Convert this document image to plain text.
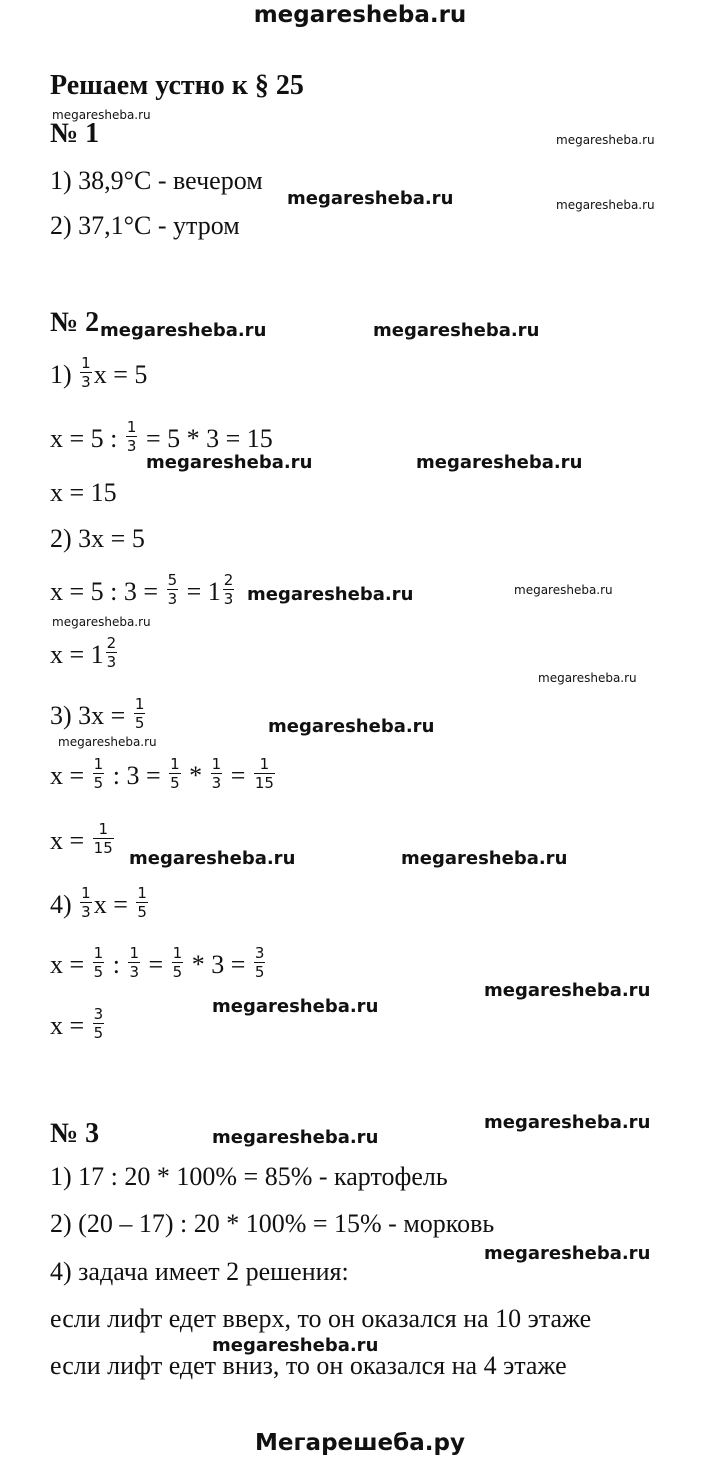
megaresheba.ru
Решаем устно к § 25
megaresheba.ru
megaresheba.ru
megaresheba.ru	megaresheba.ru
megaresheba.ru	megaresheba.ru
megaresheba.ru	megaresheba.ru
megaresheba.ru	megaresheba.ru
megaresheba.ru
megaresheba.ru
megaresheba.ru
megaresheba.ru
megaresheba.ru	megaresheba.ru
megaresheba.ru
megaresheba.ru
megaresheba.ru
megaresheba.ru
megaresheba.ru
megaresheba.ru
№ 1
1) 38,9°С - вечером
2) 37,1°С - утром
№ 2
$1) \frac{1}{3}$ x = 5
x = 5 : $\frac{1}{3} = 5 * 3 = 15$
x = 15
2) 3x = 5
x = 5 : $3 = \frac{5}{3} = 1 \frac{2}{3}$
$x = 1 \frac{2}{3}$
3) $3x = \frac{1}{5}$
$x = \frac{1}{5}$ : $3 = \frac{1}{5} * \frac{1}{3} = \frac{1}{15}$
$x = \frac{1}{15}$
$4) \frac{1}{3}$ $x = \frac{1}{5}$
$x = \frac{1}{5}$ : $\frac{1}{3} = \frac{1}{5} * 3 = \frac{3}{5}$
$x = \frac{3}{5}$
№ 3
1) 17 : 20 * 100% = 85% - картофель
2) (20 – 17) : 20 * 100% = 15% - морковь
4) задача имеет 2 решения:
если лифт едет вверх, то он оказался на 10 этаже
если лифт едет вниз, то он оказался на 4 этаже
Мегарешеба.ру
